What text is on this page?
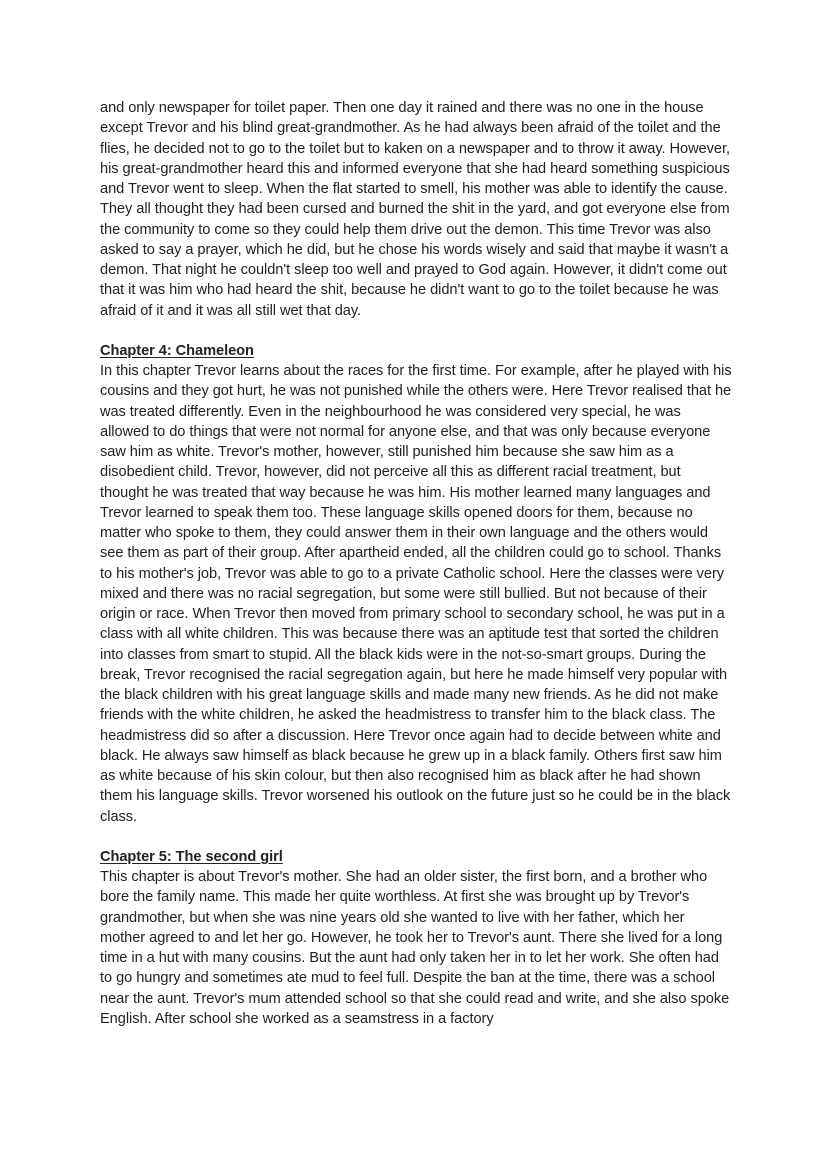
and only newspaper for toilet paper. Then one day it rained and there was no one in the house except Trevor and his blind great-grandmother. As he had always been afraid of the toilet and the flies, he decided not to go to the toilet but to kaken on a newspaper and to throw it away. However, his great-grandmother heard this and informed everyone that she had heard something suspicious and Trevor went to sleep. When the flat started to smell, his mother was able to identify the cause. They all thought they had been cursed and burned the shit in the yard, and got everyone else from the community to come so they could help them drive out the demon. This time Trevor was also asked to say a prayer, which he did, but he chose his words wisely and said that maybe it wasn't a demon. That night he couldn't sleep too well and prayed to God again. However, it didn't come out that it was him who had heard the shit, because he didn't want to go to the toilet because he was afraid of it and it was all still wet that day.

Chapter 4: Chameleon

In this chapter Trevor learns about the races for the first time. For example, after he played with his cousins and they got hurt, he was not punished while the others were. Here Trevor realised that he was treated differently. Even in the neighbourhood he was considered very special, he was allowed to do things that were not normal for anyone else, and that was only because everyone saw him as white. Trevor's mother, however, still punished him because she saw him as a disobedient child. Trevor, however, did not perceive all this as different racial treatment, but thought he was treated that way because he was him. His mother learned many languages and Trevor learned to speak them too. These language skills opened doors for them, because no matter who spoke to them, they could answer them in their own language and the others would see them as part of their group. After apartheid ended, all the children could go to school. Thanks to his mother's job, Trevor was able to go to a private Catholic school. Here the classes were very mixed and there was no racial segregation, but some were still bullied. But not because of their origin or race. When Trevor then moved from primary school to secondary school, he was put in a class with all white children. This was because there was an aptitude test that sorted the children into classes from smart to stupid. All the black kids were in the not-so-smart groups. During the break, Trevor recognised the racial segregation again, but here he made himself very popular with the black children with his great language skills and made many new friends. As he did not make friends with the white children, he asked the headmistress to transfer him to the black class. The headmistress did so after a discussion. Here Trevor once again had to decide between white and black. He always saw himself as black because he grew up in a black family. Others first saw him as white because of his skin colour, but then also recognised him as black after he had shown them his language skills. Trevor worsened his outlook on the future just so he could be in the black class.

Chapter 5: The second girl

This chapter is about Trevor's mother. She had an older sister, the first born, and a brother who bore the family name. This made her quite worthless. At first she was brought up by Trevor's grandmother, but when she was nine years old she wanted to live with her father, which her mother agreed to and let her go. However, he took her to Trevor's aunt. There she lived for a long time in a hut with many cousins. But the aunt had only taken her in to let her work. She often had to go hungry and sometimes ate mud to feel full. Despite the ban at the time, there was a school near the aunt. Trevor's mum attended school so that she could read and write, and she also spoke English. After school she worked as a seamstress in a factory
